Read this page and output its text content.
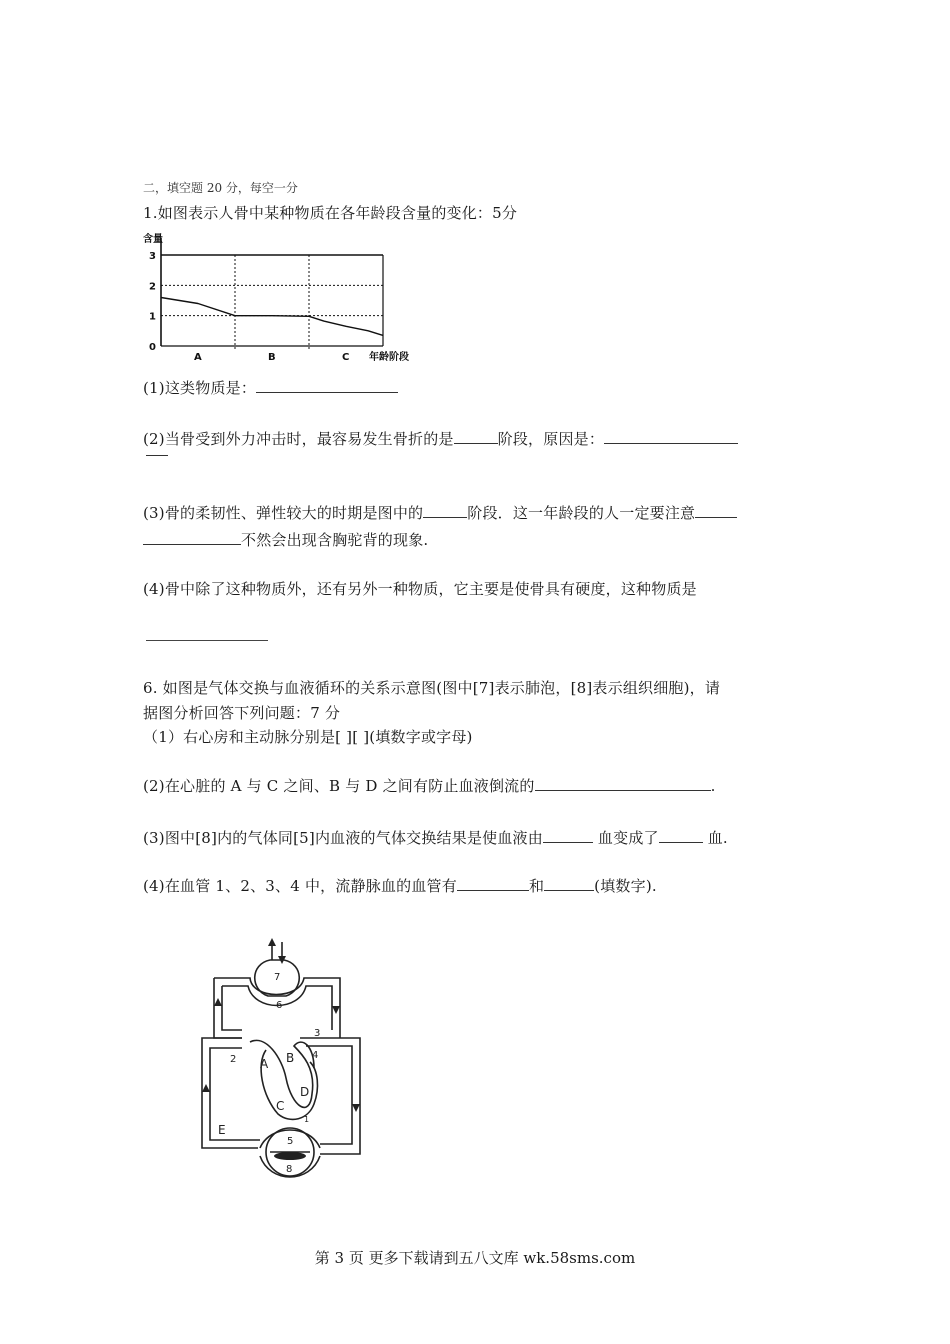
二，填空题 20 分，每空一分
1.如图表示人骨中某种物质在各年龄段含量的变化：5分
0
1
2
3
含量
A	B	C 年龄阶段
(1)这类物质是：
(2)当骨受到外力冲击时，最容易发生骨折的是	阶段，原因是：
(3)骨的柔韧性、弹性较大的时期是图中的	阶段．这一年龄段的人一定要注意
不然会出现含胸驼背的现象.
(4)骨中除了这种物质外，还有另外一种物质，它主要是使骨具有硬度，这种物质是
6. 如图是气体交换与血液循环的关系示意图(图中[7]表示肺泡，[8]表示组织细胞)，请
据图分析回答下列问题：7 分
（1）右心房和主动脉分别是[ ][ ](填数字或字母)
(2)在心脏的 A 与 C 之间、B 与 D 之间有防止血液倒流的	.
(3)图中[8]内的气体同[5]内血液的气体交换结果是使血液由	血变成了	血.
(4)在血管 1、2、3、4 中，流静脉血的血管有	和	(填数字).
7
6
3
4
2 A B
C
D
E
5
8
1
第 3 页 更多下载请到五八文库 wk.58sms.com
